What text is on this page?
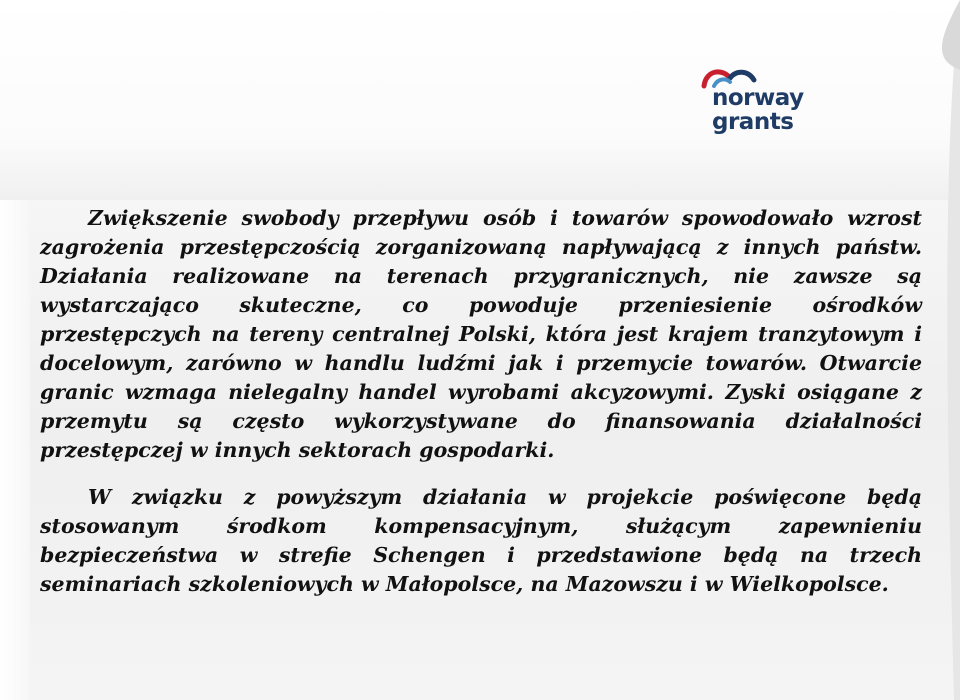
norway
grants

Zwiększenie swobody przepływu osób i towarów spowodowało wzrost zagrożenia przestępczością zorganizowaną napływającą z innych państw. Działania realizowane na terenach przygranicznych, nie zawsze są wystarczająco skuteczne, co powoduje przeniesienie ośrodków przestępczych na tereny centralnej Polski, która jest krajem tranzytowym i docelowym, zarówno w handlu ludźmi jak i przemycie towarów. Otwarcie granic wzmaga nielegalny handel wyrobami akcyzowymi. Zyski osiągane z przemytu są często wykorzystywane do finansowania działalności przestępczej w innych sektorach gospodarki.

W związku z powyższym działania w projekcie poświęcone będą stosowanym środkom kompensacyjnym, służącym zapewnieniu bezpieczeństwa w strefie Schengen i przedstawione będą na trzech seminariach szkoleniowych w Małopolsce, na Mazowszu i w Wielkopolsce.
